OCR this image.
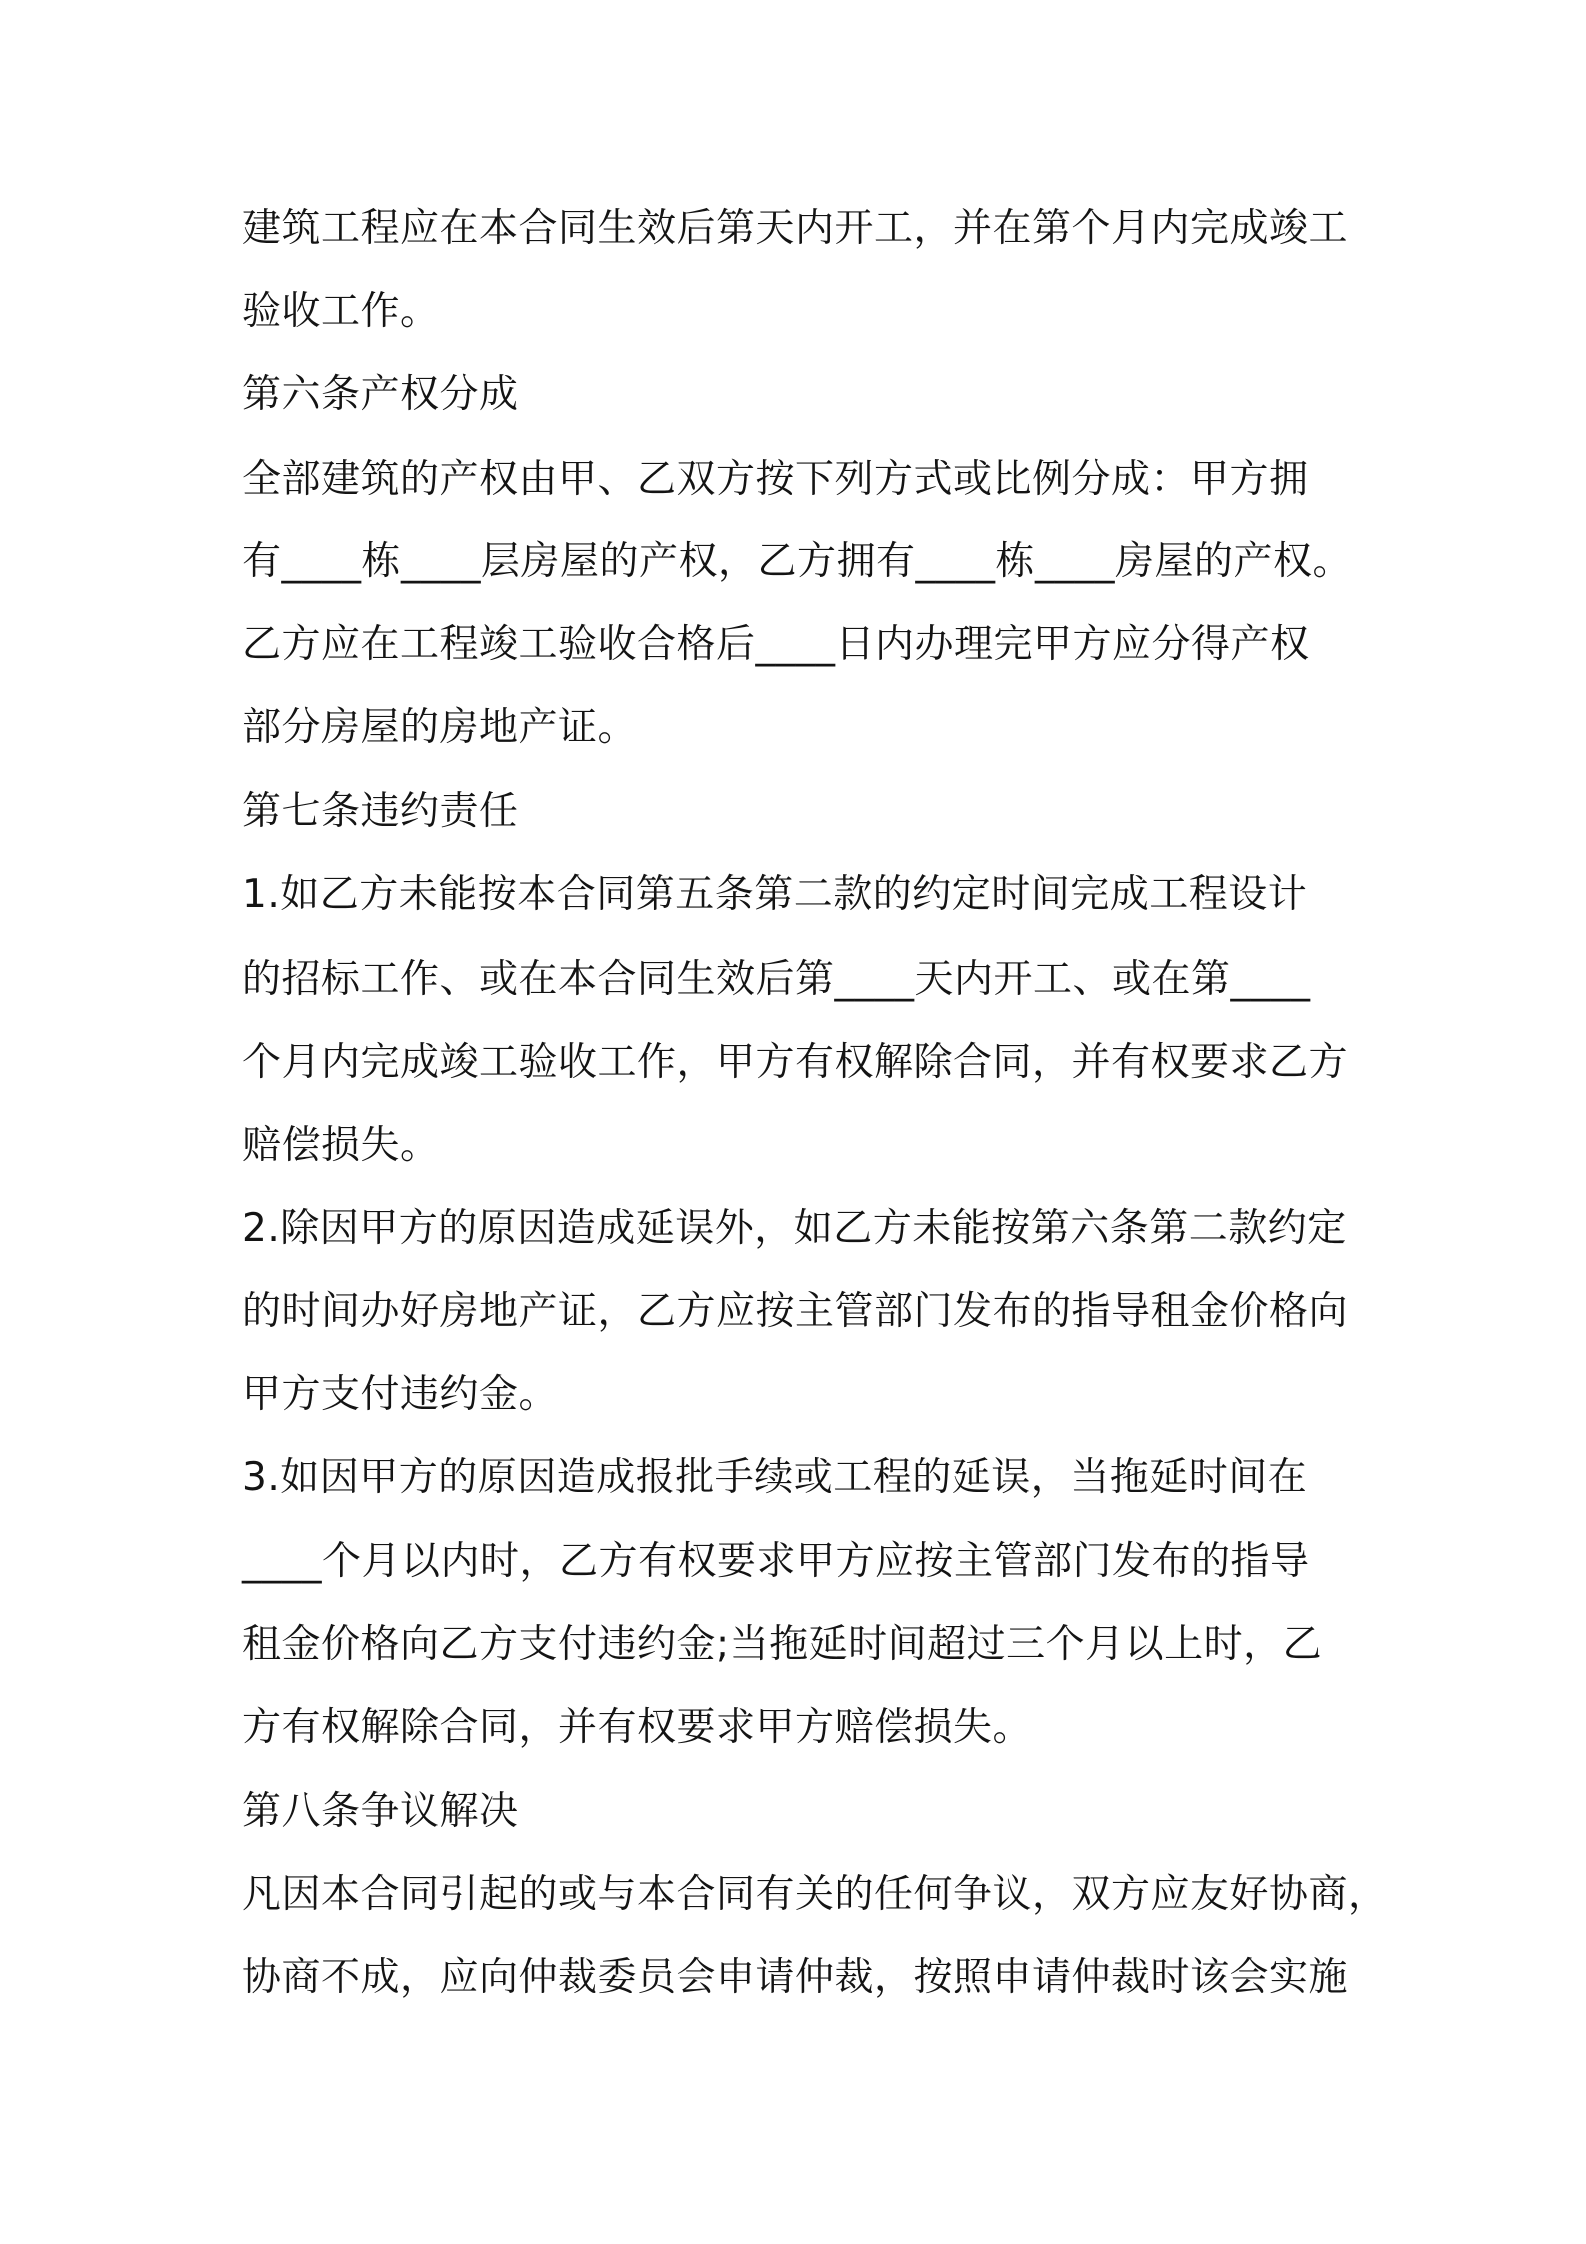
建筑工程应在本合同生效后第天内开工，并在第个月内完成竣工

验收工作。

第六条产权分成

全部建筑的产权由甲、乙双方按下列方式或比例分成：甲方拥

有____栋____层房屋的产权，乙方拥有____栋____房屋的产权。

乙方应在工程竣工验收合格后____日内办理完甲方应分得产权

部分房屋的房地产证。

第七条违约责任

1.如乙方未能按本合同第五条第二款的约定时间完成工程设计

的招标工作、或在本合同生效后第____天内开工、或在第____

个月内完成竣工验收工作，甲方有权解除合同，并有权要求乙方

赔偿损失。

2.除因甲方的原因造成延误外，如乙方未能按第六条第二款约定

的时间办好房地产证，乙方应按主管部门发布的指导租金价格向

甲方支付违约金。

3.如因甲方的原因造成报批手续或工程的延误，当拖延时间在

____个月以内时，乙方有权要求甲方应按主管部门发布的指导

租金价格向乙方支付违约金;当拖延时间超过三个月以上时，乙

方有权解除合同，并有权要求甲方赔偿损失。

第八条争议解决

凡因本合同引起的或与本合同有关的任何争议，双方应友好协商，

协商不成，应向仲裁委员会申请仲裁，按照申请仲裁时该会实施
